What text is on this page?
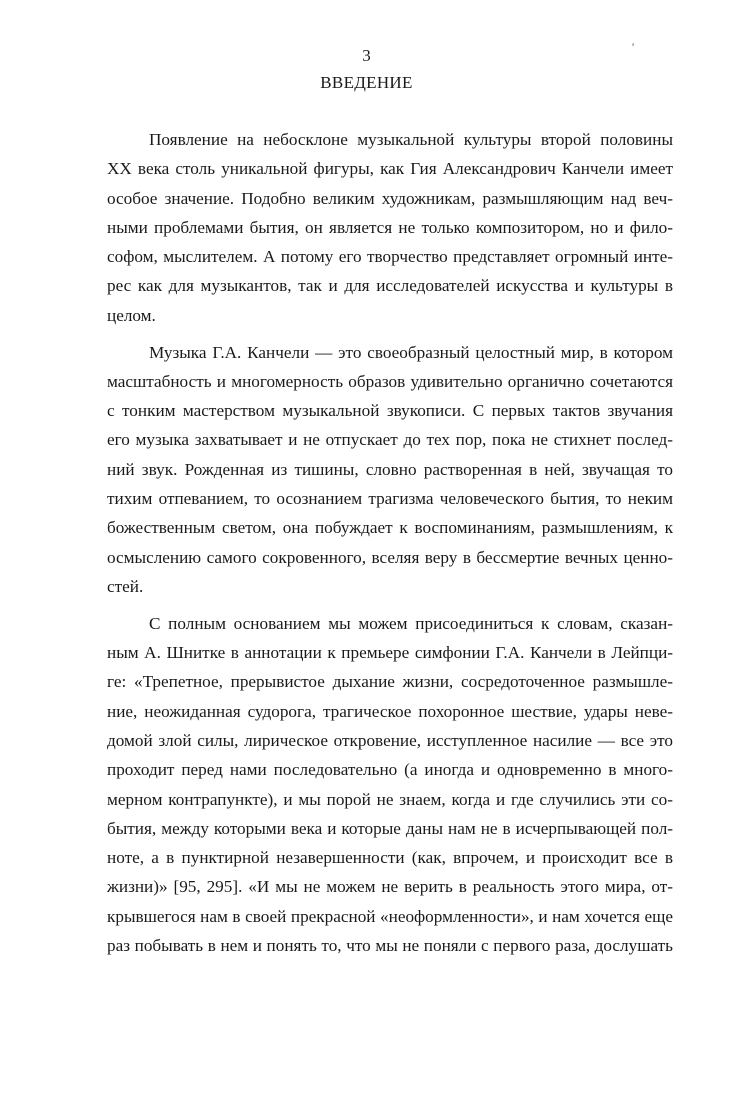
3	'
ВВЕДЕНИЕ

Появление на небосклоне музыкальной культуры второй половины
XX века столь уникальной фигуры, как Гия Александрович Канчели имеет
особое значение. Подобно великим художникам, размышляющим над веч-
ными проблемами бытия, он является не только композитором, но и фило-
софом, мыслителем. А потому его творчество представляет огромный инте-
рес как для музыкантов, так и для исследователей искусства и культуры в
целом.

Музыка Г.А. Канчели — это своеобразный целостный мир, в котором
масштабность и многомерность образов удивительно органично сочетаются
с тонким мастерством музыкальной звукописи. С первых тактов звучания
его музыка захватывает и не отпускает до тех пор, пока не стихнет послед-
ний звук. Рожденная из тишины, словно растворенная в ней, звучащая то
тихим отпеванием, то осознанием трагизма человеческого бытия, то неким
божественным светом, она побуждает к воспоминаниям, размышлениям, к
осмыслению самого сокровенного, вселяя веру в бессмертие вечных ценно-
стей.

С полным основанием мы можем присоединиться к словам, сказан-
ным А. Шнитке в аннотации к премьере симфонии Г.А. Канчели в Лейпци-
ге: «Трепетное, прерывистое дыхание жизни, сосредоточенное размышле-
ние, неожиданная судорога, трагическое похоронное шествие, удары неве-
домой злой силы, лирическое откровение, исступленное насилие — все это
проходит перед нами последовательно (а иногда и одновременно в много-
мерном контрапункте), и мы порой не знаем, когда и где случились эти со-
бытия, между которыми века и которые даны нам не в исчерпывающей пол-
ноте, а в пунктирной незавершенности (как, впрочем, и происходит все в
жизни)» [95, 295]. «И мы не можем не верить в реальность этого мира, от-
крывшегося нам в своей прекрасной «неоформленности», и нам хочется еще
раз побывать в нем и понять то, что мы не поняли с первого раза, дослушать
